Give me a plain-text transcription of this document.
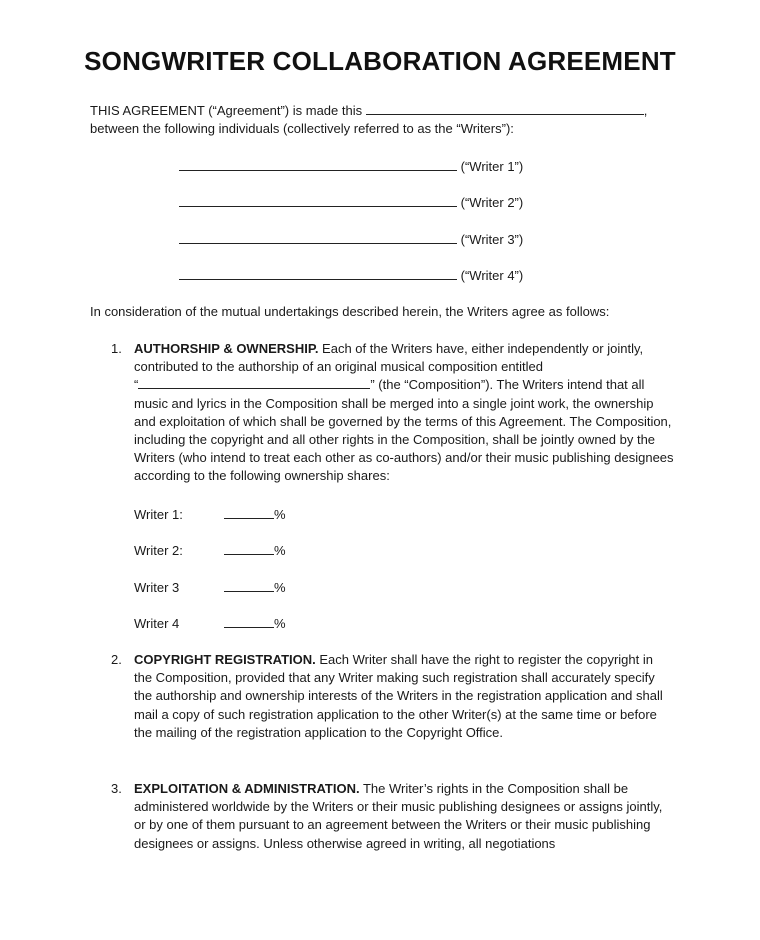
SONGWRITER COLLABORATION AGREEMENT
THIS AGREEMENT (“Agreement”) is made this	,
between the following individuals (collectively referred to as the “Writers”):
(“Writer 1”)
(“Writer 2”)
(“Writer 3”)
(“Writer 4”)
In consideration of the mutual undertakings described herein, the Writers agree as follows:
1. AUTHORSHIP & OWNERSHIP. Each of the Writers have, either independently or jointly, contributed to the authorship of an original musical composition entitled
“	” (the “Composition”). The Writers intend that all music and lyrics in the Composition shall be merged into a single joint work, the ownership and exploitation of which shall be governed by the terms of this Agreement. The Composition, including the copyright and all other rights in the Composition, shall be jointly owned by the Writers (who intend to treat each other as co-authors) and/or their music publishing designees according to the following ownership shares:
Writer 1:	%
Writer 2:	%
Writer 3	%
Writer 4	%
2. COPYRIGHT REGISTRATION. Each Writer shall have the right to register the copyright in the Composition, provided that any Writer making such registration shall accurately specify the authorship and ownership interests of the Writers in the registration application and shall mail a copy of such registration application to the other Writer(s) at the same time or before the mailing of the registration application to the Copyright Office.
3. EXPLOITATION & ADMINISTRATION. The Writer’s rights in the Composition shall be administered worldwide by the Writers or their music publishing designees or assigns jointly, or by one of them pursuant to an agreement between the Writers or their music publishing designees or assigns. Unless otherwise agreed in writing, all negotiations
